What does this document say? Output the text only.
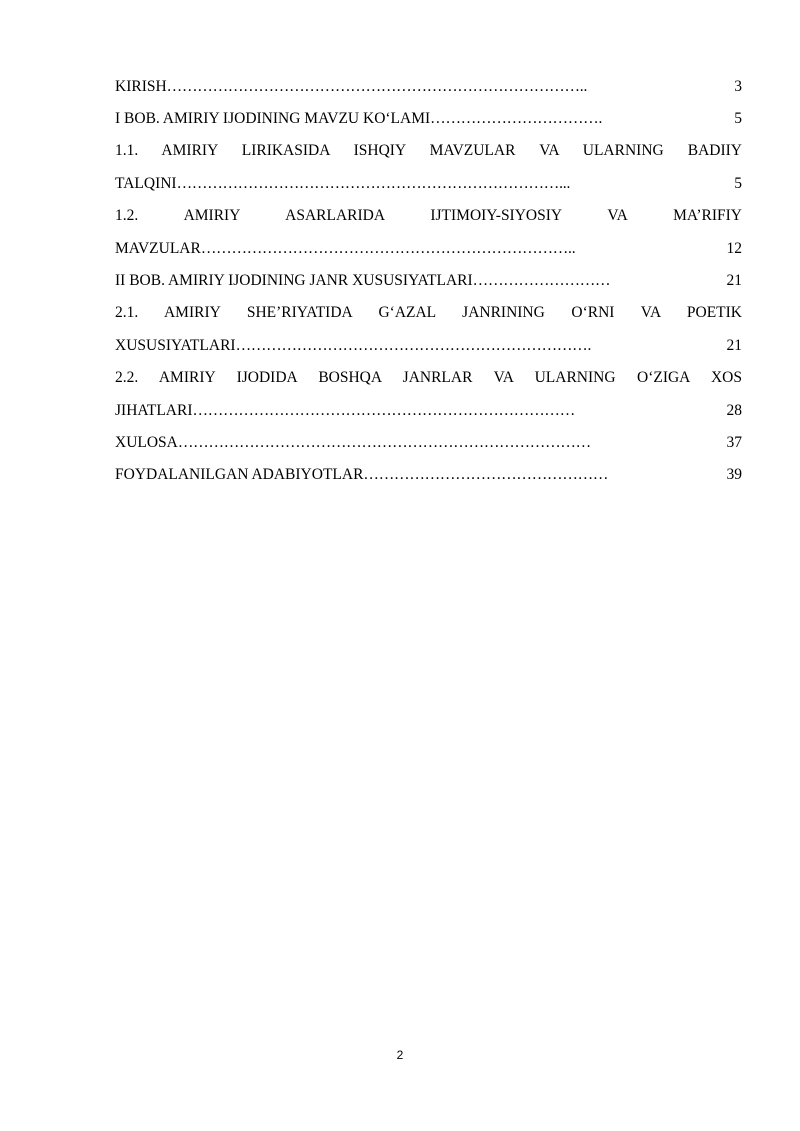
KIRISH ………………………………………………………………………..	3
I BOB. AMIRIY IJODINING MAVZU KO‘LAMI …………………………….	5
1.1. AMIRIY LIRIKASIDA ISHQIY MAVZULAR VA ULARNING BADIIY
TALQINI …………………………………………………………………...	5
1.2. AMIRIY ASARLARIDA IJTIMOIY-SIYOSIY VA MA’RIFIY
MAVZULAR ………………………………………………………………..	12
II BOB. AMIRIY IJODINING JANR XUSUSIYATLARI ………………………	21
2.1. AMIRIY SHE’RIYATIDA G‘AZAL JANRINING O‘RNI VA POETIK
XUSUSIYATLARI …………………………………………………………….	21
2.2. AMIRIY IJODIDA BOSHQA JANRLAR VA ULARNING O‘ZIGA XOS
JIHATLARI …………………………………………………………………	28
XULOSA ………………………………………………………………………	37
FOYDALANILGAN ADABIYOTLAR …………………………………………	39
2
